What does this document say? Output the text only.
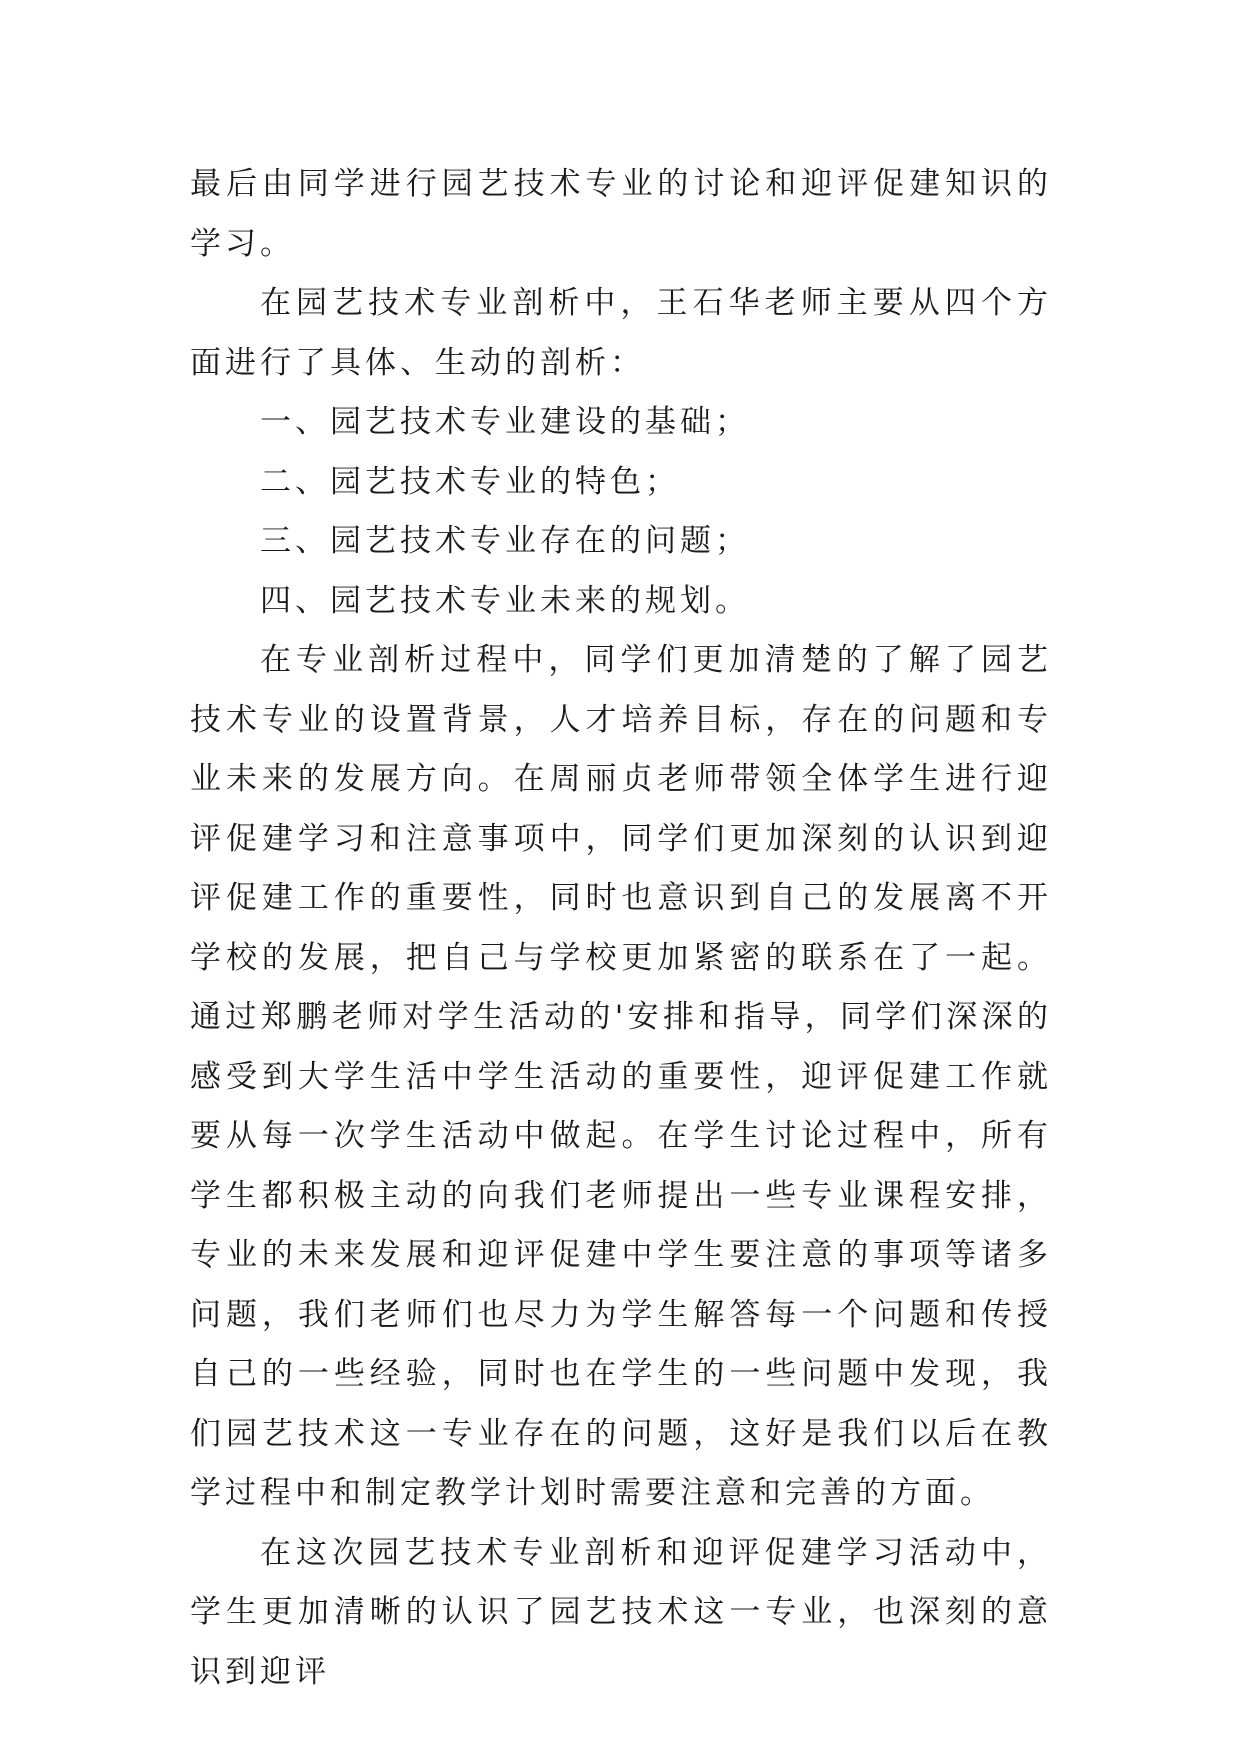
最后由同学进行园艺技术专业的讨论和迎评促建知识的学习。

在园艺技术专业剖析中，王石华老师主要从四个方面进行了具体、生动的剖析：

一、园艺技术专业建设的基础；

二、园艺技术专业的特色；

三、园艺技术专业存在的问题；

四、园艺技术专业未来的规划。

在专业剖析过程中，同学们更加清楚的了解了园艺技术专业的设置背景，人才培养目标，存在的问题和专业未来的发展方向。在周丽贞老师带领全体学生进行迎评促建学习和注意事项中，同学们更加深刻的认识到迎评促建工作的重要性，同时也意识到自己的发展离不开学校的发展，把自己与学校更加紧密的联系在了一起。通过郑鹏老师对学生活动的'安排和指导，同学们深深的感受到大学生活中学生活动的重要性，迎评促建工作就要从每一次学生活动中做起。在学生讨论过程中，所有学生都积极主动的向我们老师提出一些专业课程安排，专业的未来发展和迎评促建中学生要注意的事项等诸多问题，我们老师们也尽力为学生解答每一个问题和传授自己的一些经验，同时也在学生的一些问题中发现，我们园艺技术这一专业存在的问题，这好是我们以后在教学过程中和制定教学计划时需要注意和完善的方面。

在这次园艺技术专业剖析和迎评促建学习活动中，学生更加清晰的认识了园艺技术这一专业，也深刻的意识到迎评
